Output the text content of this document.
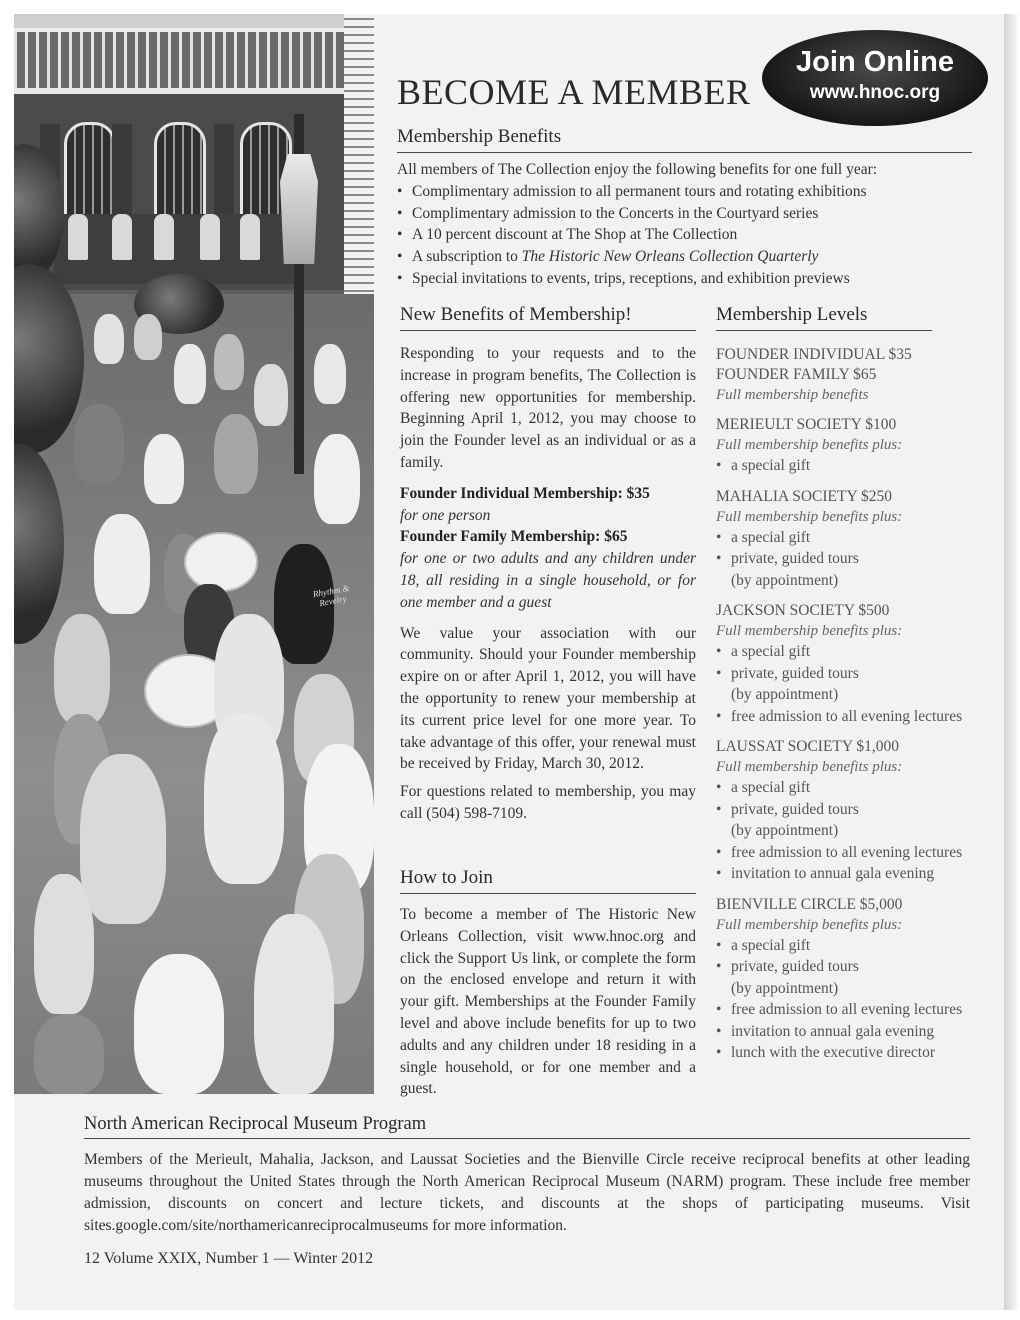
Rhythm & Revelry
BECOME A MEMBER
Join Online
www.hnoc.org
Membership Benefits
All members of The Collection enjoy the following benefits for one full year:
• Complimentary admission to all permanent tours and rotating exhibitions
• Complimentary admission to the Concerts in the Courtyard series
• A 10 percent discount at The Shop at The Collection
• A subscription to The Historic New Orleans Collection Quarterly
• Special invitations to events, trips, receptions, and exhibition previews
New Benefits of Membership!

Responding to your requests and to the increase in program benefits, The Collection is offering new opportunities for membership. Beginning April 1, 2012, you may choose to join the Founder level as an individual or as a family.

Founder Individual Membership: $35
for one person
Founder Family Membership: $65
for one or two adults and any children under 18, all residing in a single household, or for one member and a guest

We value your association with our community. Should your Founder membership expire on or after April 1, 2012, you will have the opportunity to renew your membership at its current price level for one more year. To take advantage of this offer, your renewal must be received by Friday, March 30, 2012.

For questions related to membership, you may call (504) 598-7109.

How to Join

To become a member of The Historic New Orleans Collection, visit www.hnoc.org and click the Support Us link, or complete the form on the enclosed envelope and return it with your gift. Memberships at the Founder Family level and above include benefits for up to two adults and any children under 18 residing in a single household, or for one member and a guest.

Membership Levels
FOUNDER INDIVIDUAL $35
FOUNDER FAMILY $65
Full membership benefits
MERIEULT SOCIETY $100
Full membership benefits plus:
• a special gift
MAHALIA SOCIETY $250
Full membership benefits plus:
• a special gift
• private, guided tours
(by appointment)
JACKSON SOCIETY $500
Full membership benefits plus:
• a special gift
• private, guided tours
(by appointment)
• free admission to all evening lectures
LAUSSAT SOCIETY $1,000
Full membership benefits plus:
• a special gift
• private, guided tours
(by appointment)
• free admission to all evening lectures
• invitation to annual gala evening
BIENVILLE CIRCLE $5,000
Full membership benefits plus:
• a special gift
• private, guided tours
(by appointment)
• free admission to all evening lectures
• invitation to annual gala evening
• lunch with the executive director
North American Reciprocal Museum Program

Members of the Merieult, Mahalia, Jackson, and Laussat Societies and the Bienville Circle receive reciprocal benefits at other leading museums throughout the United States through the North American Reciprocal Museum (NARM) program. These include free member admission, discounts on concert and lecture tickets, and discounts at the shops of participating museums. Visit sites.google.com/site/northamericanreciprocalmuseums for more information.

12 Volume XXIX, Number 1 — Winter 2012
